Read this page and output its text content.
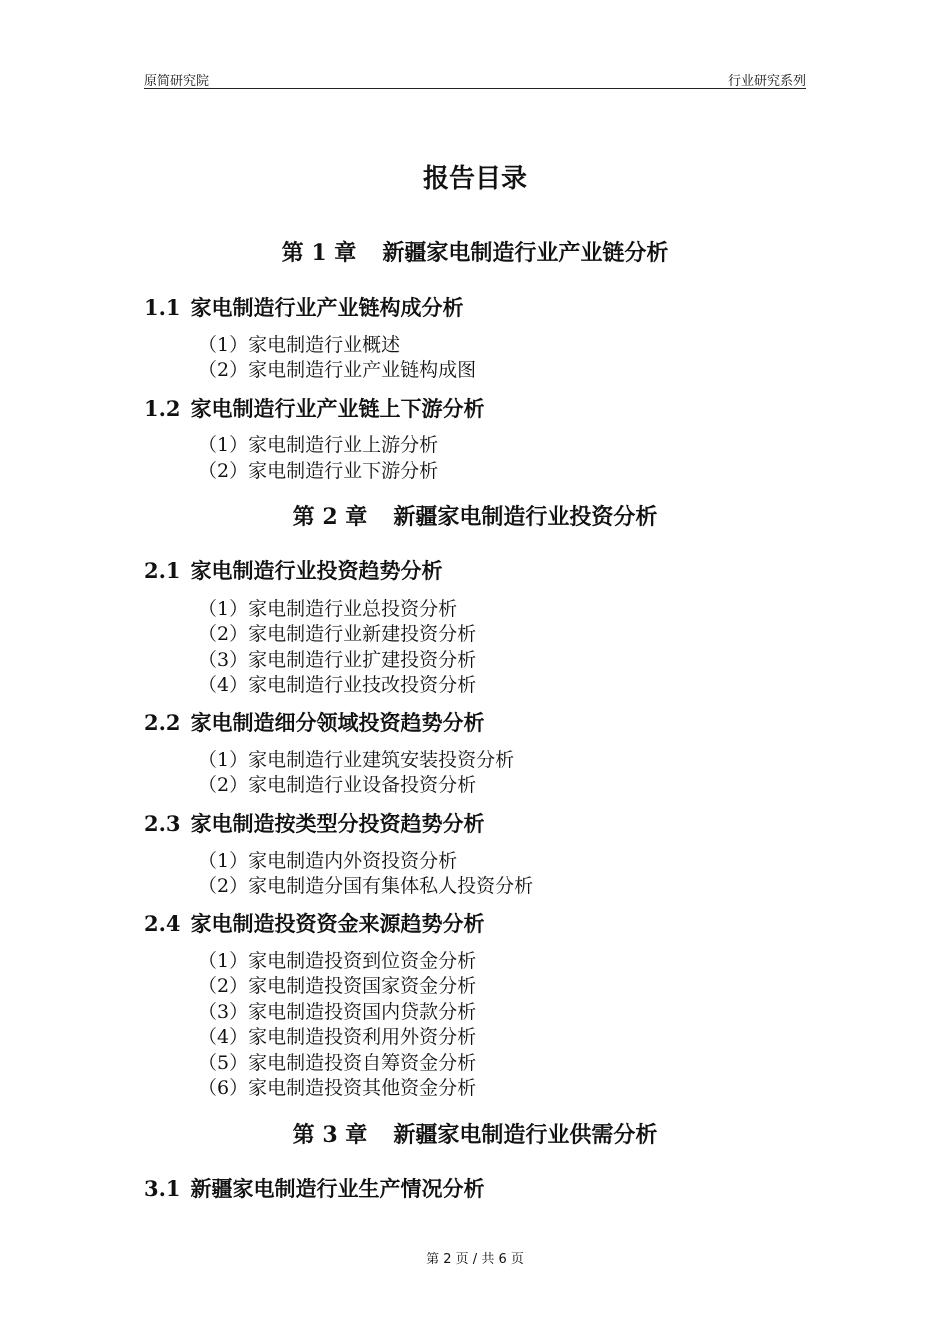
原简研究院	行业研究系列
报告目录
第 1 章 新疆家电制造行业产业链分析
1.1 家电制造行业产业链构成分析
（1）家电制造行业概述
（2）家电制造行业产业链构成图
1.2 家电制造行业产业链上下游分析
（1）家电制造行业上游分析
（2）家电制造行业下游分析
第 2 章 新疆家电制造行业投资分析
2.1 家电制造行业投资趋势分析
（1）家电制造行业总投资分析
（2）家电制造行业新建投资分析
（3）家电制造行业扩建投资分析
（4）家电制造行业技改投资分析
2.2 家电制造细分领域投资趋势分析
（1）家电制造行业建筑安装投资分析
（2）家电制造行业设备投资分析
2.3 家电制造按类型分投资趋势分析
（1）家电制造内外资投资分析
（2）家电制造分国有集体私人投资分析
2.4 家电制造投资资金来源趋势分析
（1）家电制造投资到位资金分析
（2）家电制造投资国家资金分析
（3）家电制造投资国内贷款分析
（4）家电制造投资利用外资分析
（5）家电制造投资自筹资金分析
（6）家电制造投资其他资金分析
第 3 章 新疆家电制造行业供需分析
3.1 新疆家电制造行业生产情况分析
第 2 页 / 共 6 页
